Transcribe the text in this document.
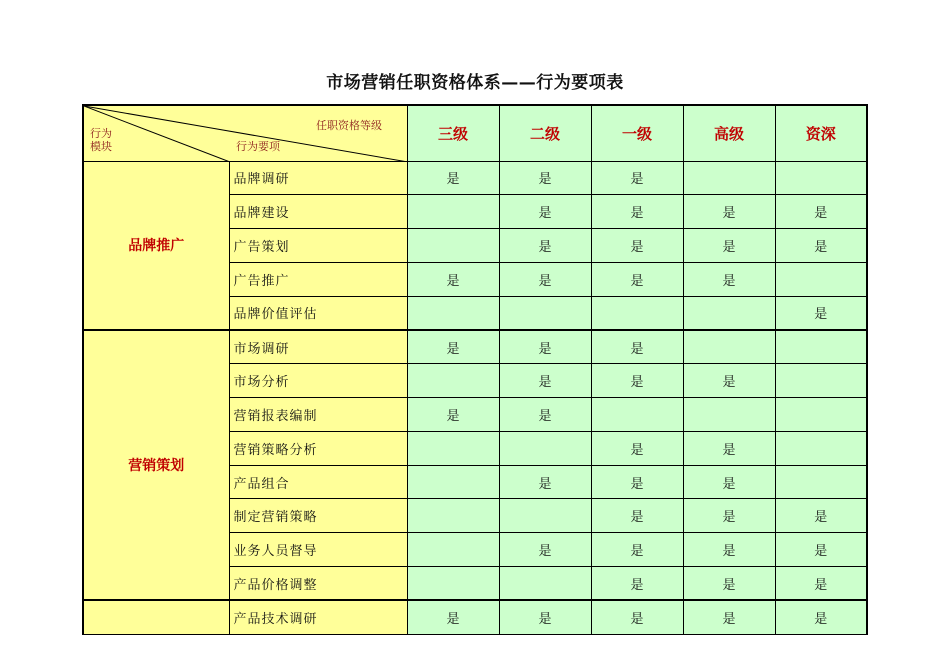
市场营销任职资格体系——行为要项表
任职资格等级
行为
模块 行为要项		三级	二级	一级	高级	资深
品牌推广	品牌调研	是	是	是		
	品牌建设		是	是	是	是
	广告策划		是	是	是	是
	广告推广	是	是	是	是	
	品牌价值评估					是
营销策划	市场调研	是	是	是		
	市场分析		是	是	是	
	营销报表编制	是	是			
	营销策略分析			是	是	
	产品组合		是	是	是	
	制定营销策略			是	是	是
	业务人员督导		是	是	是	是
	产品价格调整			是	是	是
	产品技术调研	是	是	是	是	是
